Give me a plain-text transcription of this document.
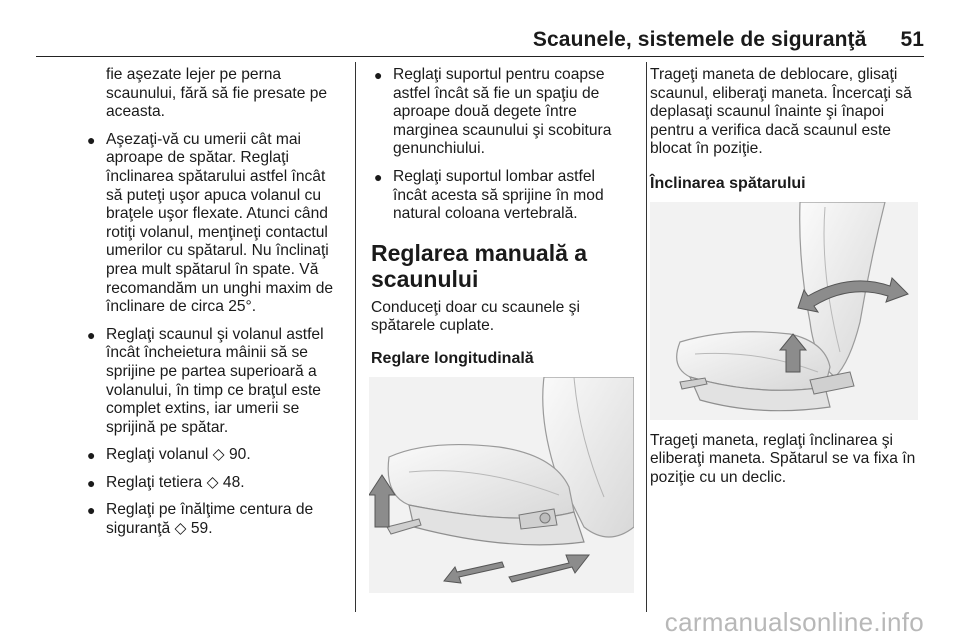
Scaunele, sistemele de siguranţă 51
fie aşezate lejer pe perna scaunului, fără să fie presate pe aceasta.
● Aşezaţi-vă cu umerii cât mai aproape de spătar. Reglaţi înclinarea spătarului astfel încât să puteţi uşor apuca volanul cu braţele uşor flexate. Atunci când rotiţi volanul, menţineţi contactul umerilor cu spătarul. Nu înclinaţi prea mult spătarul în spate. Vă recomandăm un unghi maxim de înclinare de circa 25°.
● Reglaţi scaunul şi volanul astfel încât încheietura mâinii să se sprijine pe partea superioară a volanului, în timp ce braţul este complet extins, iar umerii se sprijină pe spătar.
● Reglaţi volanul ◇ 90.
● Reglaţi tetiera ◇ 48.
● Reglaţi pe înălţime centura de siguranţă ◇ 59.
● Reglaţi suportul pentru coapse astfel încât să fie un spaţiu de aproape două degete între marginea scaunului şi scobitura genunchiului.
● Reglaţi suportul lombar astfel încât acesta să sprijine în mod natural coloana vertebrală.
Reglarea manuală a scaunului

Conduceţi doar cu scaunele şi spătarele cuplate.

Reglare longitudinală

Trageţi maneta de deblocare, glisaţi scaunul, eliberaţi maneta. Încercaţi să deplasaţi scaunul înainte şi înapoi pentru a verifica dacă scaunul este blocat în poziţie.

Înclinarea spătarului

Trageţi maneta, reglaţi înclinarea şi eliberaţi maneta. Spătarul se va fixa în poziţie cu un declic.

carmanualsonline.info
